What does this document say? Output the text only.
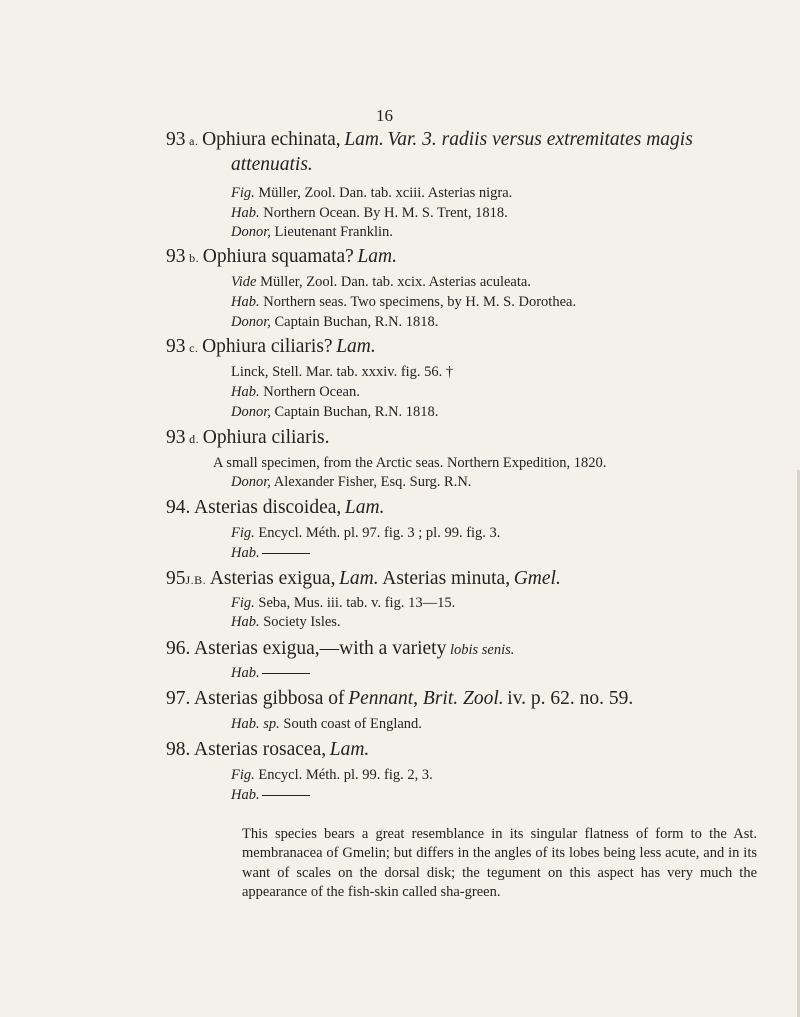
16
93 a. Ophiura echinata, Lam. Var. 3. radiis versus extremitates magis
attenuatis.
Fig. Müller, Zool. Dan. tab. xciii. Asterias nigra.
Hab. Northern Ocean. By H. M. S. Trent, 1818.
Donor, Lieutenant Franklin.
93 b. Ophiura squamata? Lam.
Vide Müller, Zool. Dan. tab. xcix. Asterias aculeata.
Hab. Northern seas. Two specimens, by H. M. S. Dorothea.
Donor, Captain Buchan, R.N. 1818.
93 c. Ophiura ciliaris? Lam.
Linck, Stell. Mar. tab. xxxiv. fig. 56. †
Hab. Northern Ocean.
Donor, Captain Buchan, R.N. 1818.
93 d. Ophiura ciliaris.
A small specimen, from the Arctic seas. Northern Expedition, 1820.
Donor, Alexander Fisher, Esq. Surg. R.N.
94. Asterias discoidea, Lam.
Fig. Encycl. Méth. pl. 97. fig. 3 ; pl. 99. fig. 3.
Hab.
95J.B. Asterias exigua, Lam. Asterias minuta, Gmel.
Fig. Seba, Mus. iii. tab. v. fig. 13—15.
Hab. Society Isles.
96. Asterias exigua,—with a variety lobis senis.
Hab.
97. Asterias gibbosa of Pennant, Brit. Zool. iv. p. 62. no. 59.
Hab. sp. South coast of England.
98. Asterias rosacea, Lam.
Fig. Encycl. Méth. pl. 99. fig. 2, 3.
Hab.
This species bears a great resemblance in its singular flatness of form to the Ast. membranacea of Gmelin; but differs in the angles of its lobes being less acute, and in its want of scales on the dorsal disk; the tegument on this aspect has very much the appearance of the fish-skin called sha-green.
